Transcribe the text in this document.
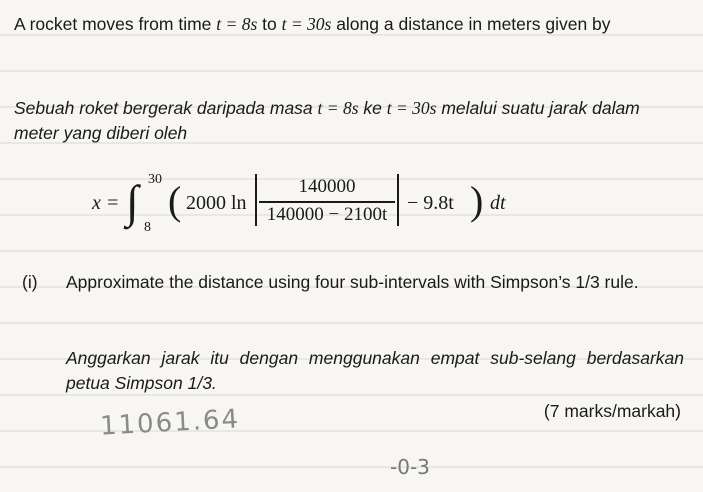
A rocket moves from time t = 8s to t = 30s along a distance in meters given by
Sebuah roket bergerak daripada masa t = 8s ke t = 30s melalui suatu jarak dalam meter yang diberi oleh
x = ∫ 30
8
( 2000 ln
140000
140000 − 2100t
− 9.8t ) dt
(i) Approximate the distance using four sub-intervals with Simpson’s 1/3 rule.
Anggarkan jarak itu dengan menggunakan empat sub-selang berdasarkan petua Simpson 1/3.
(7 marks/markah)
11061.64
-0-3
